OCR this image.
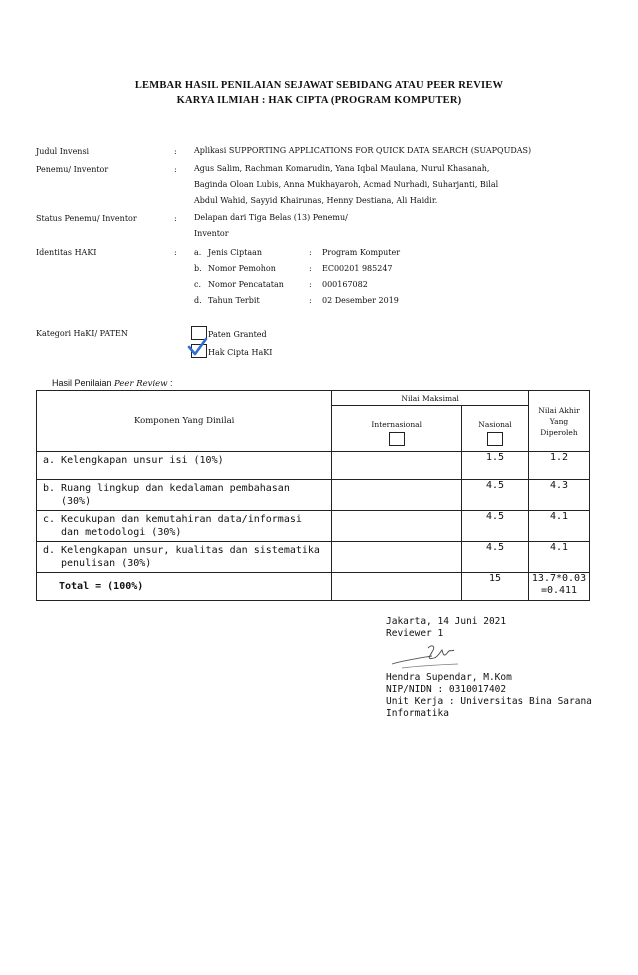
LEMBAR HASIL PENILAIAN SEJAWAT SEBIDANG ATAU PEER REVIEW
KARYA ILMIAH : HAK CIPTA (PROGRAM KOMPUTER)
Judul Invensi	: Aplikasi SUPPORTING APPLICATIONS FOR QUICK DATA SEARCH (SUAPQUDAS)
Penemu/ Inventor	: Agus Salim, Rachman Komarudin, Yana Iqbal Maulana, Nurul Khasanah,
Baginda Oloan Lubis, Anna Mukhayaroh, Acmad Nurhadi, Suharjanti, Bilal
Abdul Wahid, Sayyid Khairunas, Henny Destiana, Ali Haidir.
Status Penemu/ Inventor	: Delapan dari Tiga Belas (13) Penemu/
Inventor
Identitas HAKI	: a. Jenis Ciptaan	: Program Komputer
b. Nomor Pemohon	: EC00201 985247
c. Nomor Pencatatan	: 000167082
d. Tahun Terbit	: 02 Desember 2019
Kategori HaKI/ PATEN	Paten Granted
Hak Cipta HaKI
Hasil Penilaian Peer Review :
Komponen Yang Dinilai	Nilai Maksimal		Nilai Akhir
Yang
Diperoleh

	Internasional	Nasional	

a. Kelengkapan unsur isi (10%)		1.5	1.2

b. Ruang lingkup dan kedalaman pembahasan
(30%)		4.5	4.3

c. Kecukupan dan kemutahiran data/informasi
dan metodologi (30%)		4.5	4.1

d. Kelengkapan unsur, kualitas dan sistematika
penulisan (30%)		4.5	4.1
Total = (100%)		15	13.7*0.03
=0.411
Jakarta, 14 Juni 2021
Reviewer 1
Hendra Supendar, M.Kom
NIP/NIDN : 0310017402
Unit Kerja : Universitas Bina Sarana
Informatika
